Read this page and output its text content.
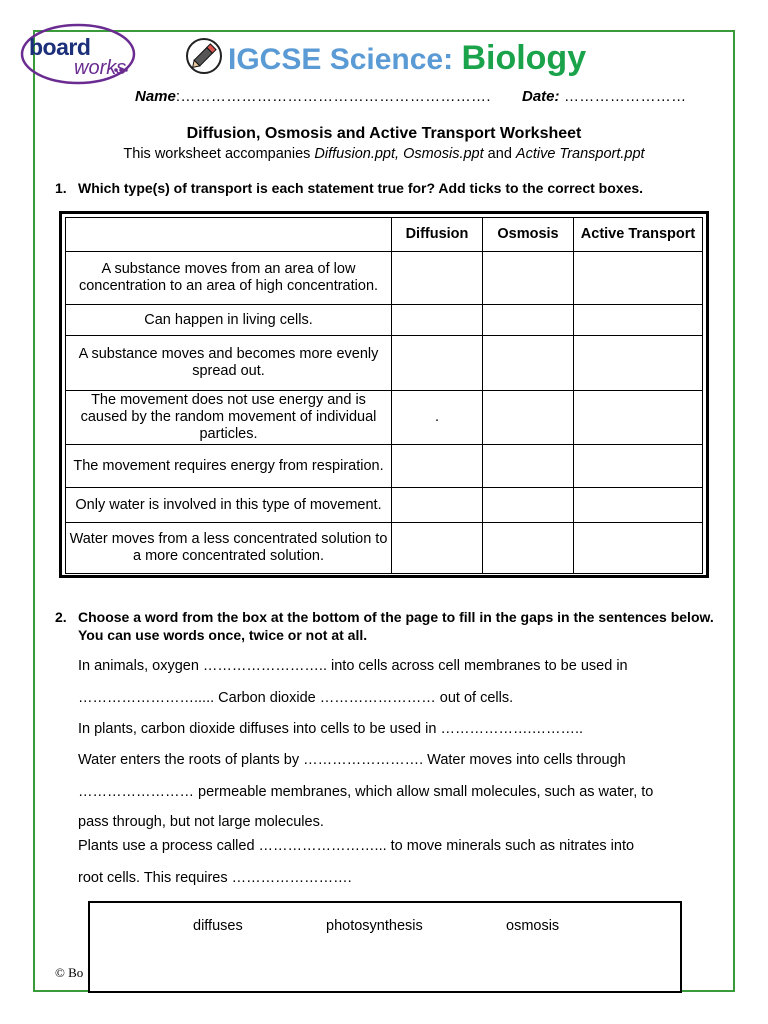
© Bo
board
works	IGCSE Science: Biology
Name:……………………………………………………. Date: ……………………
Diffusion, Osmosis and Active Transport Worksheet
This worksheet accompanies Diffusion.ppt, Osmosis.ppt and Active Transport.ppt
1. Which type(s) of transport is each statement true for? Add ticks to the correct boxes.
	Diffusion	Osmosis	Active Transport
A substance moves from an area of low concentration to an area of high concentration.			
Can happen in living cells.			
A substance moves and becomes more evenly spread out.			
The movement does not use energy and is caused by the random movement of individual particles.	.		
The movement requires energy from respiration.			
Only water is involved in this type of movement.			
Water moves from a less concentrated solution to a more concentrated solution.			
2. Choose a word from the box at the bottom of the page to fill in the gaps in the sentences below. You can use words once, twice or not at all.
In animals, oxygen …………………….. into cells across cell membranes to be used in
……………………..... Carbon dioxide …………………… out of cells.
In plants, carbon dioxide diffuses into cells to be used in ……………….………..
Water enters the roots of plants by ……………………. Water moves into cells through
…………………… permeable membranes, which allow small molecules, such as water, to
pass through, but not large molecules.
Plants use a process called ……………………... to move minerals such as nitrates into
root cells. This requires …………………….
diffuses	photosynthesis	osmosis
